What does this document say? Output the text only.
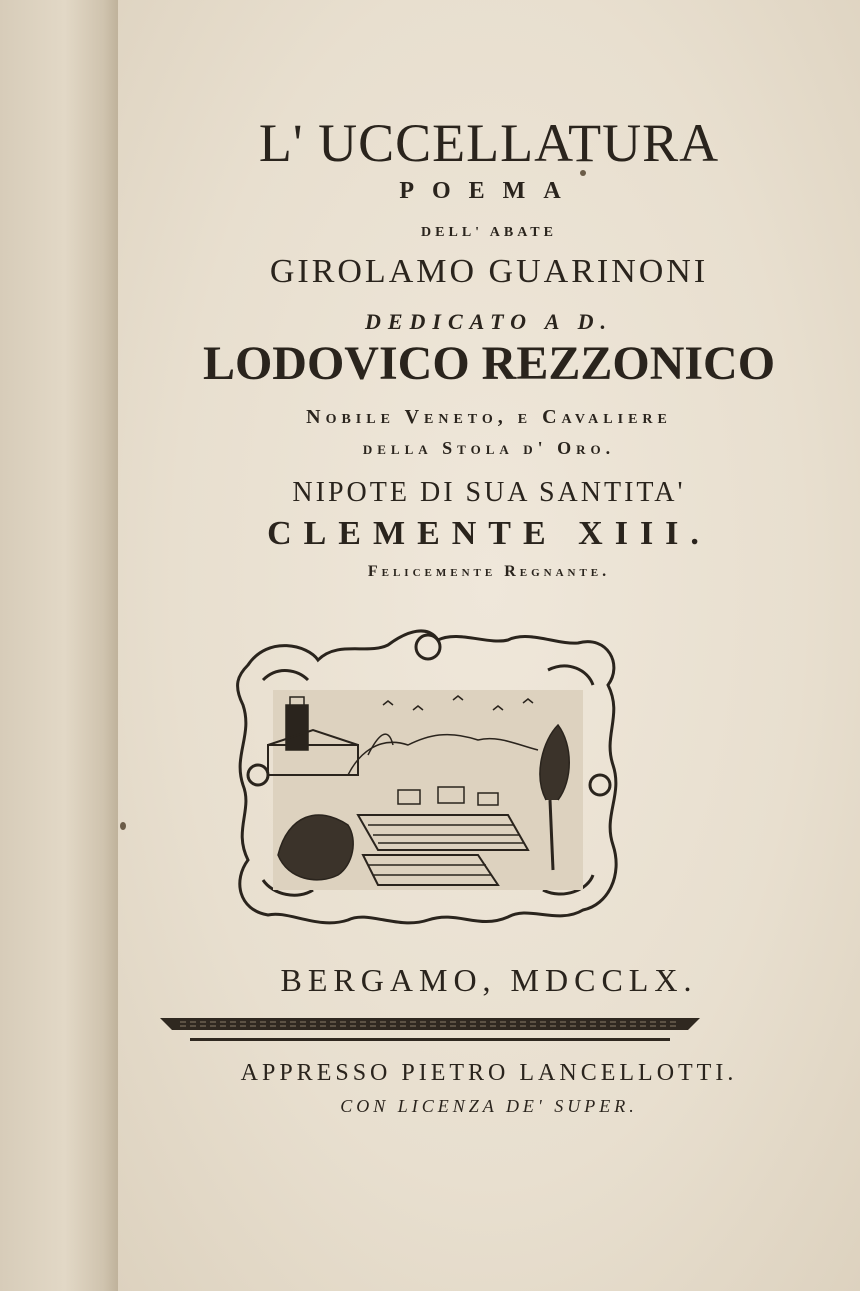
L' UCCELLATURA
POEMA
DELL' ABATE
GIROLAMO GUARINONI
DEDICATO A D.
LODOVICO REZZONICO
Nobile Veneto, e Cavaliere
della Stola d' Oro.
NIPOTE DI SUA SANTITA'
CLEMENTE XIII.
Felicemente Regnante.
BERGAMO, MDCCLX.
APPRESSO PIETRO LANCELLOTTI.
CON LICENZA DE' SUPER.
